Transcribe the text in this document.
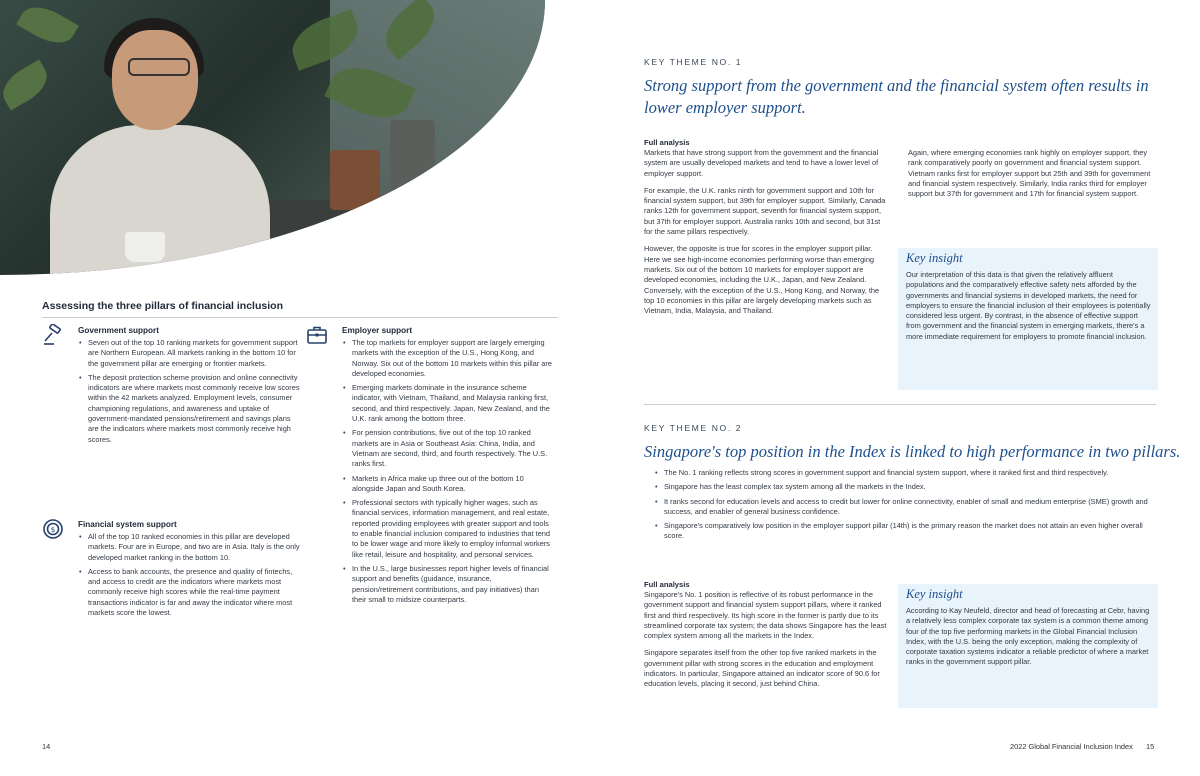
Assessing the three pillars of financial inclusion
Government support
• Seven out of the top 10 ranking markets for government support are Northern European. All markets ranking in the bottom 10 for the government pillar are emerging or frontier markets.
• The deposit protection scheme provision and online connectivity indicators are where markets most commonly receive low scores within the 42 markets analyzed. Employment levels, consumer championing regulations, and awareness and uptake of government-mandated pensions/retirement and savings plans are the indicators where markets most commonly receive high scores.
$
Financial system support
• All of the top 10 ranked economies in this pillar are developed markets. Four are in Europe, and two are in Asia. Italy is the only developed market ranking in the bottom 10.
• Access to bank accounts, the presence and quality of fintechs, and access to credit are the indicators where markets most commonly receive high scores while the real-time payment transactions indicator is far and away the indicator where most markets score the lowest.
Employer support
• The top markets for employer support are largely emerging markets with the exception of the U.S., Hong Kong, and Norway. Six out of the bottom 10 markets within this pillar are developed economies.
• Emerging markets dominate in the insurance scheme indicator, with Vietnam, Thailand, and Malaysia ranking first, second, and third respectively. Japan, New Zealand, and the U.K. rank among the bottom three.
• For pension contributions, five out of the top 10 ranked markets are in Asia or Southeast Asia: China, India, and Vietnam are second, third, and fourth respectively. The U.S. ranks first.
• Markets in Africa make up three out of the bottom 10 alongside Japan and South Korea.
• Professional sectors with typically higher wages, such as financial services, information management, and real estate, reported providing employees with greater support and tools to enable financial inclusion compared to industries that tend to be lower wage and more likely to employ informal workers like retail, leisure and hospitality, and personal services.
• In the U.S., large businesses report higher levels of financial support and benefits (guidance, insurance, pension/retirement contributions, and pay initiatives) than their small to midsize counterparts.
14
KEY THEME NO. 1
Strong support from the government and the financial system often results in lower employer support.
Full analysis

Markets that have strong support from the government and the financial system are usually developed markets and tend to have a lower level of employer support.

For example, the U.K. ranks ninth for government support and 10th for financial system support, but 39th for employer support. Similarly, Canada ranks 12th for government support, seventh for financial system support, but 37th for employer support. Australia ranks 10th and second, but 31st for the same pillars respectively.

However, the opposite is true for scores in the employer support pillar. Here we see high-income economies performing worse than emerging markets. Six out of the bottom 10 markets for employer support are developed economies, including the U.K., Japan, and New Zealand. Conversely, with the exception of the U.S., Hong Kong, and Norway, the top 10 economies in this pillar are largely developing markets such as Vietnam, India, Malaysia, and Thailand.

Again, where emerging economies rank highly on employer support, they rank comparatively poorly on government and financial system support. Vietnam ranks first for employer support but 25th and 39th for government and financial system respectively. Similarly, India ranks third for employer support but 37th for government and 17th for financial system support.

Key insight
Our interpretation of this data is that given the relatively affluent populations and the comparatively effective safety nets afforded by the governments and financial systems in developed markets, the need for employers to ensure the financial inclusion of their employees is potentially considered less urgent. By contrast, in the absence of effective support from government and the financial system in emerging markets, there's a more immediate requirement for employers to promote financial inclusion.
KEY THEME NO. 2
Singapore's top position in the Index is linked to high performance in two pillars.
• The No. 1 ranking reflects strong scores in government support and financial system support, where it ranked first and third respectively.
• Singapore has the least complex tax system among all the markets in the Index.
• It ranks second for education levels and access to credit but lower for online connectivity, enabler of small and medium enterprise (SME) growth and success, and enabler of general business confidence.
• Singapore's comparatively low position in the employer support pillar (14th) is the primary reason the market does not attain an even higher overall score.
Full analysis

Singapore's No. 1 position is reflective of its robust performance in the government support and financial system support pillars, where it ranked first and third respectively. Its high score in the former is partly due to its streamlined corporate tax system; the data shows Singapore has the least complex system among all the markets in the Index.

Singapore separates itself from the other top five ranked markets in the government pillar with strong scores in the education and employment indicators. In particular, Singapore attained an indicator score of 90.6 for education levels, placing it second, just behind China.

Key insight
According to Kay Neufeld, director and head of forecasting at Cebr, having a relatively less complex corporate tax system is a common theme among four of the top five performing markets in the Global Financial Inclusion Index, with the U.S. being the only exception, making the complexity of corporate taxation systems indicator a reliable predictor of where a market ranks in the government support pillar.
2022 Global Financial Inclusion Index 15
